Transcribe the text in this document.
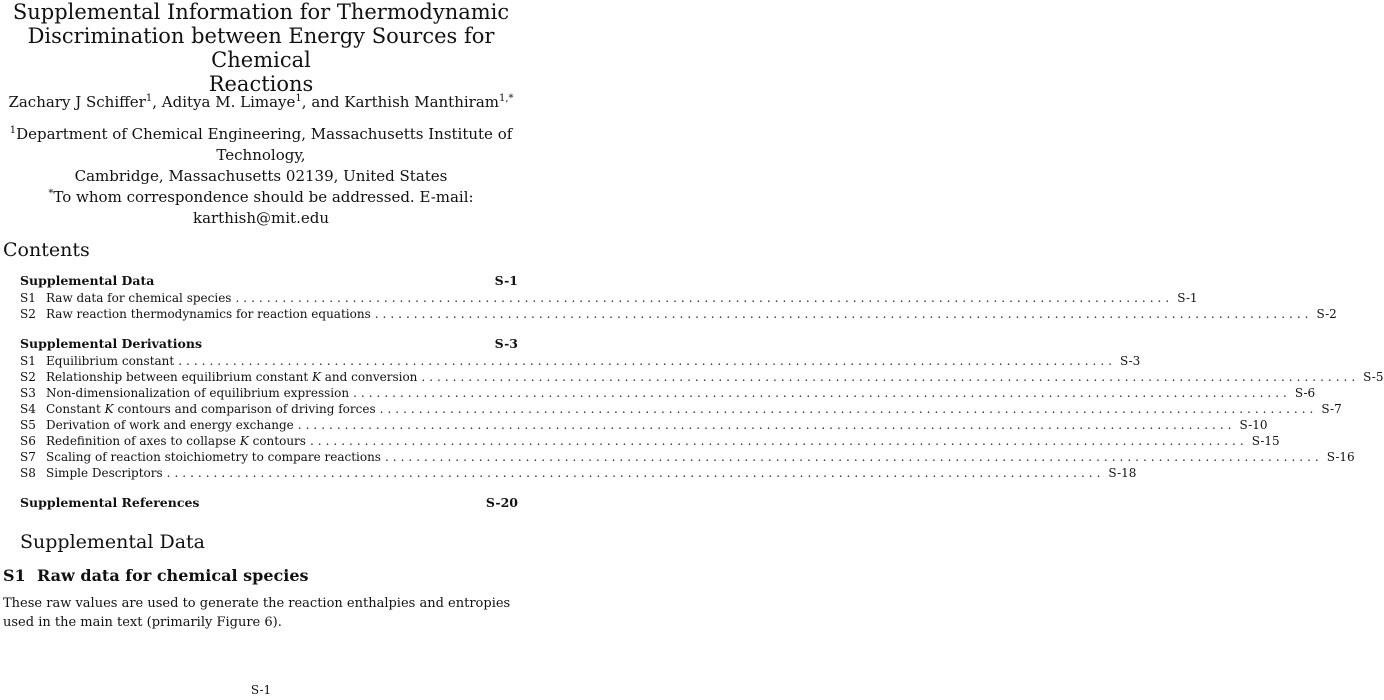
Supplemental Information for Thermodynamic
Discrimination between Energy Sources for Chemical
Reactions
Zachary J Schiffer$^1$, Aditya M. Limaye$^1$, and Karthish Manthiram$^{1,*}$
$^1$Department of Chemical Engineering, Massachusetts Institute of Technology,
Cambridge, Massachusetts 02139, United States
*To whom correspondence should be addressed. E-mail: karthish@mit.edu
Contents
Supplemental Data	S-1
S1 Raw data for chemical species ........................................................................................................................ S-1
S2 Raw reaction thermodynamics for reaction equations ........................................................................................................................ S-2
Supplemental Derivations	S-3
S1 Equilibrium constant ........................................................................................................................ S-3
S2 Relationship between equilibrium constant K and conversion ........................................................................................................................ S-5
S3 Non-dimensionalization of equilibrium expression ........................................................................................................................ S-6
S4 Constant K contours and comparison of driving forces ........................................................................................................................ S-7
S5 Derivation of work and energy exchange ........................................................................................................................ S-10
S6 Redefinition of axes to collapse K contours ........................................................................................................................ S-15
S7 Scaling of reaction stoichiometry to compare reactions ........................................................................................................................ S-16
S8 Simple Descriptors ........................................................................................................................ S-18
Supplemental References	S-20
Supplemental Data
S1 Raw data for chemical species
These raw values are used to generate the reaction enthalpies and entropies used in the main text (primarily Figure 6).
S-1
